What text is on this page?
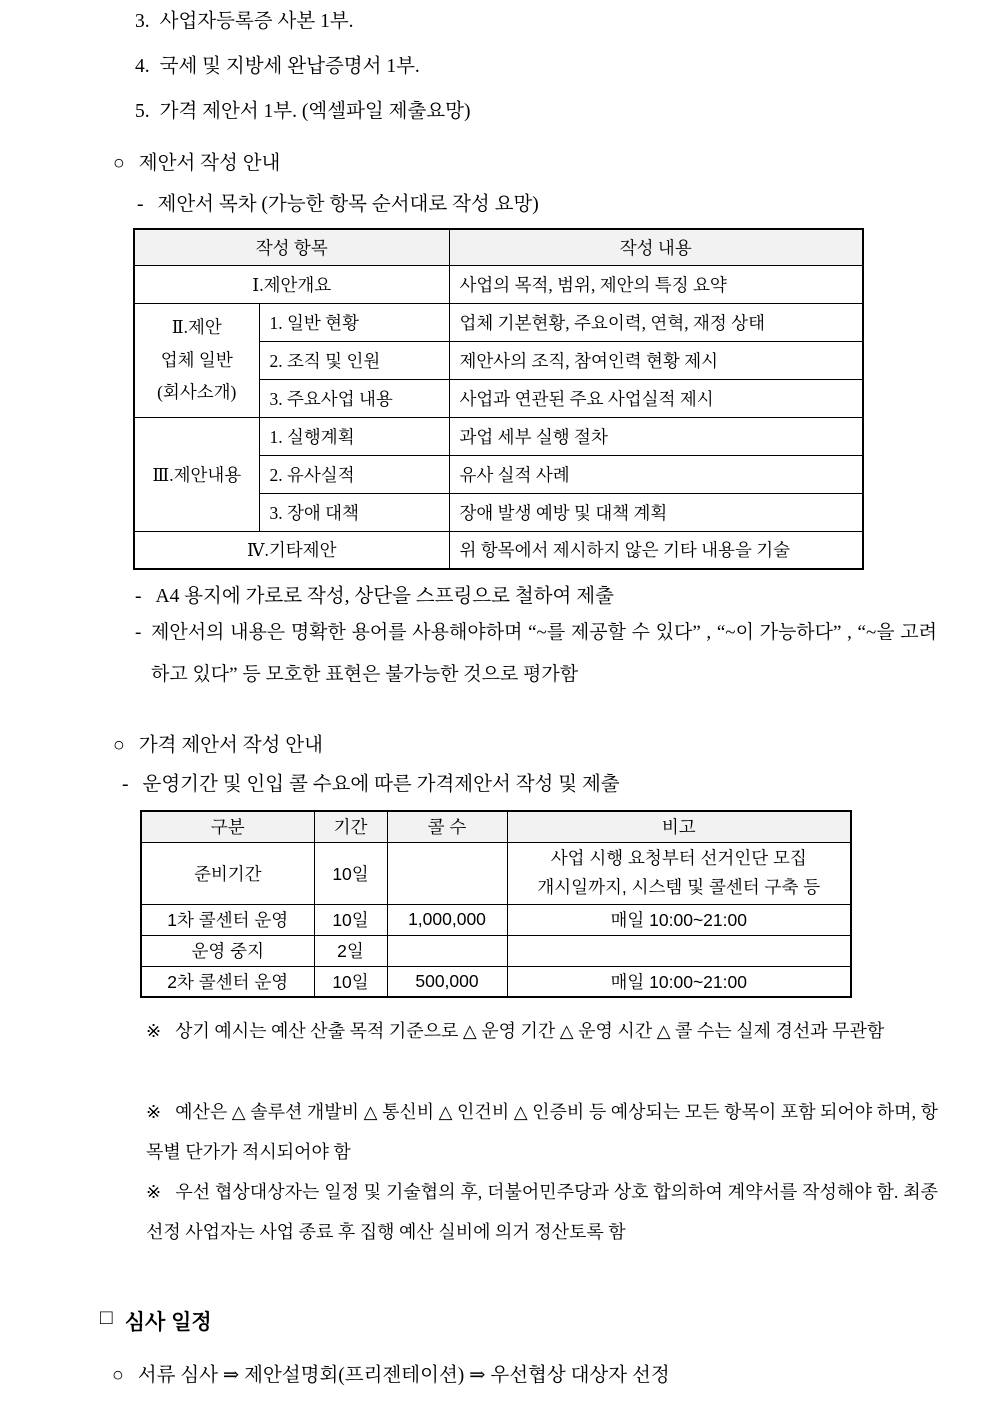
3. 사업자등록증 사본 1부.
4. 국세 및 지방세 완납증명서 1부.
5. 가격 제안서 1부. (엑셀파일 제출요망)
○ 제안서 작성 안내
- 제안서 목차 (가능한 항목 순서대로 작성 요망)
작성 항목		작성 내용
Ⅰ.제안개요		사업의 목적, 범위, 제안의 특징 요약
Ⅱ.제안
업체 일반
(회사소개)	1. 일반 현황	업체 기본현황, 주요이력, 연혁, 재정 상태
	2. 조직 및 인원	제안사의 조직, 참여인력 현황 제시
	3. 주요사업 내용	사업과 연관된 주요 사업실적 제시
Ⅲ.제안내용	1. 실행계획	과업 세부 실행 절차
	2. 유사실적	유사 실적 사례
	3. 장애 대책	장애 발생 예방 및 대책 계획
Ⅳ.기타제안		위 항목에서 제시하지 않은 기타 내용을 기술
- A4 용지에 가로로 작성, 상단을 스프링으로 철하여 제출
- 제안서의 내용은 명확한 용어를 사용해야하며 “~를 제공할 수 있다” , “~이 가능하다” , “~을 고려하고 있다” 등 모호한 표현은 불가능한 것으로 평가함
○ 가격 제안서 작성 안내
- 운영기간 및 인입 콜 수요에 따른 가격제안서 작성 및 제출
구분	기간	콜 수	비고
준비기간	10일		사업 시행 요청부터 선거인단 모집
개시일까지, 시스템 및 콜센터 구축 등
1차 콜센터 운영	10일	1,000,000	매일 10:00~21:00
운영 중지	2일		
2차 콜센터 운영	10일	500,000	매일 10:00~21:00
※ 상기 예시는 예산 산출 목적 기준으로 △ 운영 기간 △ 운영 시간 △ 콜 수는 실제 경선과 무관함
※ 예산은 △ 솔루션 개발비 △ 통신비 △ 인건비 △ 인증비 등 예상되는 모든 항목이 포함 되어야 하며, 항목별 단가가 적시되어야 함
※ 우선 협상대상자는 일정 및 기술협의 후, 더불어민주당과 상호 합의하여 계약서를 작성해야 함. 최종 선정 사업자는 사업 종료 후 집행 예산 실비에 의거 정산토록 함
□ 심사 일정
○ 서류 심사 ⇒ 제안설명회(프리젠테이션) ⇒ 우선협상 대상자 선정
